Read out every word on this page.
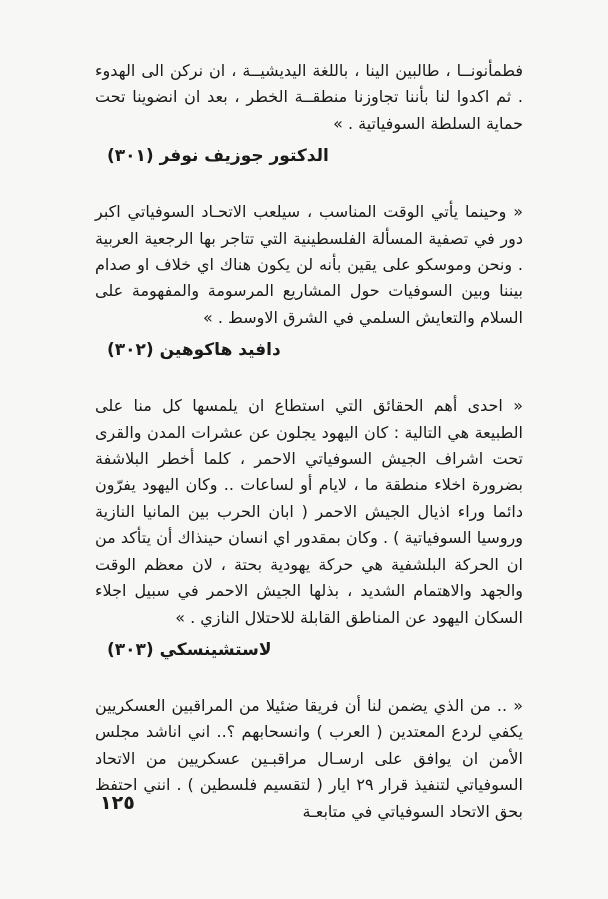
فطمأنونــا ، طالبين الينا ، باللغة اليديشيــة ، ان نركن الى الهدوء . ثم اكدوا لنا بأننا تجاوزنا منطقــة الخطر ، بعد ان انضوينا تحت حماية السلطة السوفياتية . »

الدكتور جوزيف نوفر (٣٠١)

« وحينما يأتي الوقت المناسب ، سيلعب الاتحـاد السوفياتي اكبر دور في تصفية المسألة الفلسطينية التي تتاجر بها الرجعية العربية . ونحن وموسكو على يقين بأنه لن يكون هناك اي خلاف او صدام بيننا وبين السوفيات حول المشاريع المرسومة والمفهومة على السلام والتعايش السلمي في الشرق الاوسط . »

دافيد هاكوهين (٣٠٢)

« احدى أهم الحقائق التي استطاع ان يلمسها كل منا على الطبيعة هي التالية : كان اليهود يجلون عن عشرات المدن والقرى تحت اشراف الجيش السوفياتي الاحمر ، كلما أخطر البلاشفة بضرورة اخلاء منطقة ما ، لايام أو لساعات .. وكان اليهود يفرّون دائما وراء اذيال الجيش الاحمر ( ابان الحرب بين المانيا النازية وروسيا السوفياتية ) . وكان بمقدور اي انسان حينذاك أن يتأكد من ان الحركة البلشفية هي حركة يهودية بحتة ، لان معظم الوقت والجهد والاهتمام الشديد ، بذلها الجيش الاحمر في سبيل اجلاء السكان اليهود عن المناطق القابلة للاحتلال النازي . »

لاستشينسكي (٣٠٣)

« .. من الذي يضمن لنا أن فريقا ضئيلا من المراقبين العسكريين يكفي لردع المعتدين ( العرب ) وانسحابهم ؟.. اني اناشد مجلس الأمن ان يوافق على ارسـال مراقبـين عسكريين من الاتحاد السوفياتي لتنفيذ قرار ٢٩ ايار ( لتقسيم فلسطين ) . انني احتفظ بحق الاتحاد السوفياتي في متابعـة

١٢٥
